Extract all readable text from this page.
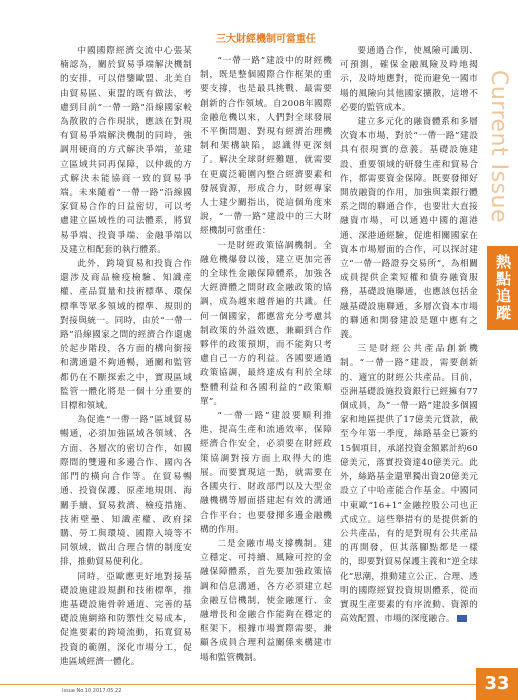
三大財經機制可當重任

中國國際經濟交流中心張某楠認為，關於貿易爭端解決機制的安排，可以借鑒歐盟、北美自由貿易區、東盟的既有做法，考慮到目前“一帶一路”沿線國家較為散散的合作現狀，應該在對現有貿易爭端解決機制的同時，強調用硬商的方式解決爭端，並建立區域共同再保障，以仲裁的方式解決未能協商一致的貿易爭端。未來隨着“一帶一路”沿線國家貿易合作的日益密切，可以考慮建立區域性的司法體系，將貿易爭端、投資爭端、金融爭端以及建立相配套的執行體系。

此外，跨境貿易和投資合作還涉及商品檢疫檢驗、知識產權、產品質量和技術標準、環保標準等眾多領域的標準、規則的對接與統一。同時，由於“一帶一路”沿線國家之間的經濟合作還處於起步階段，各方面的構向銜接和溝通還不夠通暢，通關和監管都仍在不斷探索之中，實現區域監管一體化將是一個十分重要的目標和領域。

為促進“一帶一路”區域貿易暢通，必須加強區域各領域、各方面、各層次的密切合作，如國際間的雙邊和多邊合作、國內各部門的橫向合作等。在貿易暢通、投資保護、原產地規則、海關手續、貿易救濟、檢疫措施、技術壁壘、知識產權、政府採購、勞工與環境、國際入境等不同領域，做出合理合情的制度安排，推動貿易便利化。

同時，亞歐應更好地對接基礎設施建設規劃和技術標準，推進基礎設施骨幹通道、完善的基礎設施網絡和防禦性交易成本，促進要素的跨境流動，拓寬貿易投資的範圍，深化市場分工，促進區域經濟一體化。

“一帶一路”建設中的財經機制，既是整個國際合作框架的重要支撐，也是最具挑戰、最需要創新的合作領域。自2008年國際金融危機以來，人們對全球發展不平衡問題、對現有經濟治理機制和架構缺陷，認識得更深刻了。解決全球財經難題，就需要在更廣泛範圍內整合經濟要素和發展資源，形成合力，財經專家人士建少關指出，從這個角度來說，“一帶一路”建設中的三大財經機制可當重任：

一是財經政策協調機制。全融危機爆發以後，建立更加完善的全球性金融保障體系，加強各大經濟體之間財政金融政策的協調，成為越來越普遍的共識。任何一個國家，都應當充分考慮其制政策的外溢效應，兼顧到合作夥伴的政策預期，而不能夠只考慮自己一方的利益。各國要通過政策協調，最終達成有利於全球整體利益和各國利益的“政策順單”。

“一帶一路”建設要順利推進，提高生產和流通效率，保障經濟合作安全，必須要在財經政策協調對接方面上取得大的進展。而要實現這一點，就需要在各國央行、財政部門以及大型金融機構等層面搭建起有效的溝通合作平台；也要發揮多邊金融機構的作用。

二是金融市場支撐機制。建立穩定、可持續、風險可控的金融保障體系，首先要加強政策協調和信息溝通，各方必須建立起金融互信機制，使金融運行、金融增長和金融合作能夠在穩定的框架下，根據市場實際需要，兼顧各成員合理利益關係來構建市場和監管機制。

要通過合作，使風險可識別、可預測，確保金融風險及時地揭示，及時地應對，從而避免一國市場的風險向其他國家擴散，這增不必要的監管成本。

建立多元化的融資體系和多層次資本市場，對於“一帶一路”建設具有很現實的意義。基礎設施建設、重要領域的研發生產和貿易合作，都需要資金保障。既要發揮好開放融資的作用，加強與業銀行體系之間的聯通合作，也要壯大直接融資市場，可以通過中國的滬港通、深港通經驗，促進相關國家在資本市場層面的合作，可以探討建立“一帶一路證券交易所”，為相關成員提供企業短權和債券融資服務，基礎設施聯通，也應該包括金融基礎設施聯通，多層次資本市場的聯通和開發建設是題中應有之義。

三是財經公共產品創新機制。“一帶一路”建設，需要創新的、適宜的財經公共產品。目前，亞洲基礎設施投資銀行已經擁有77個成員，為“一帶一路”建設多個國家和地區提供了17億美元貸款，截至今年第一季度，絲路基金已簽約15個項目，承諾投資金額累計約60億美元，落實投資達40億美元。此外，絲路基金還單獨出資20億美元設立了中哈產能合作基金。中國同中東歐“16+1”金融控股公司也正式成立。這些舉措有的是提供新的公共產品，有的是對現有公共產品的再開發，但其落腳點都是一樣的，即要對貿易保護主義和“逆全球化”思潮，推動建立公正、合理、透明的國際經貿投資規則體系，從而實現生產要素的有序流動、資源的高效配置、市場的深度融合。

Current Issue
熱點追蹤
Issue No.10 2017.05.22	33
